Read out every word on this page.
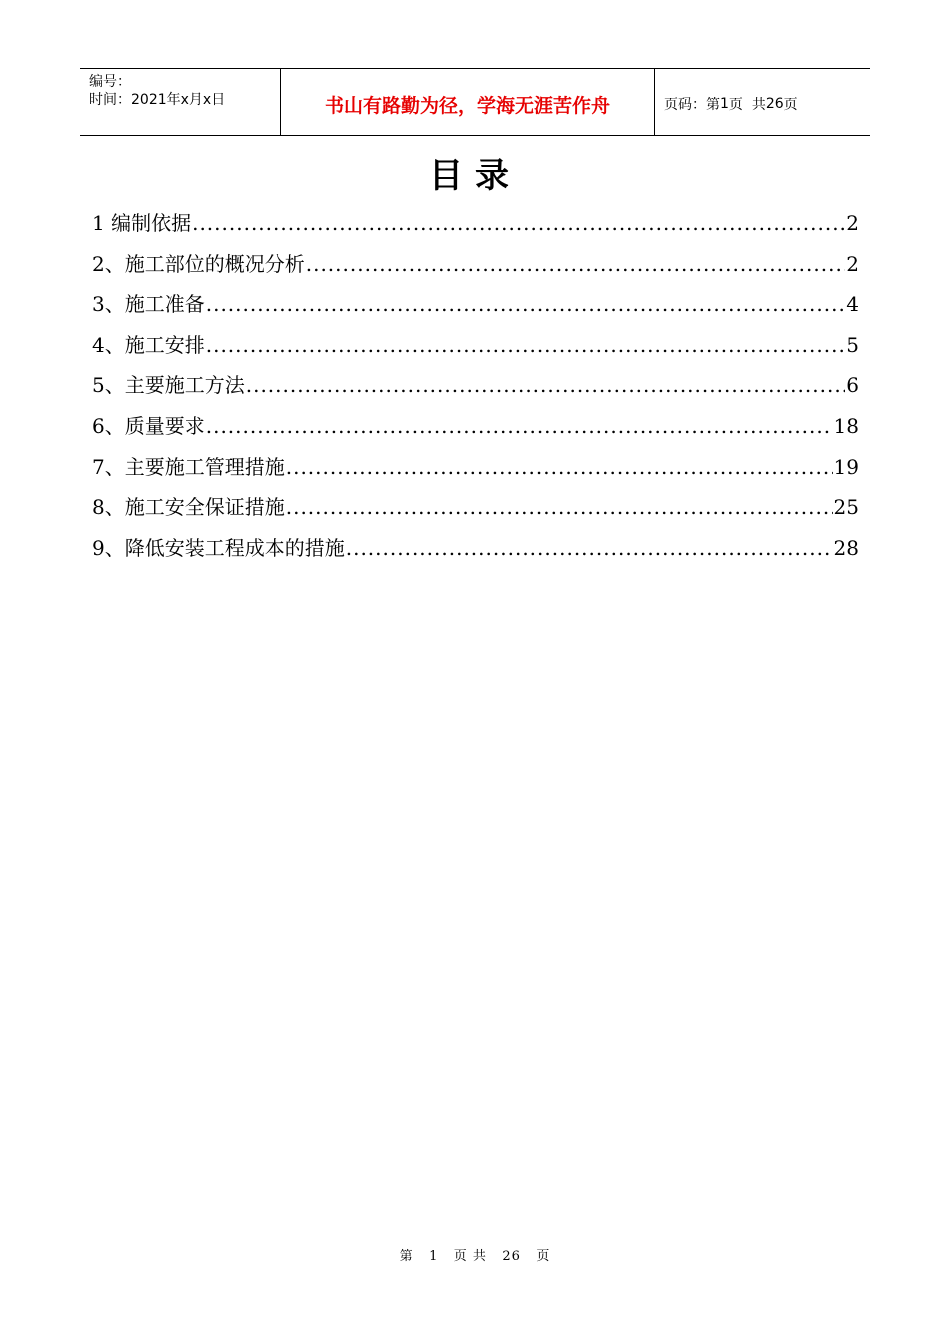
编号：
时间：2021年x月x日	书山有路勤为径，学海无涯苦作舟	页码：第 1 页  共 26 页
目录
1 编制依据 .....	2
2、施工部位的概况分析 .....	2
3、施工准备 .....	4
4、施工安排 .....	5
5、主要施工方法 .....	6
6、质量要求 .....	18
7、主要施工管理措施 .....	19
8、施工安全保证措施 .....	25
9、降低安装工程成本的措施 .....	28
第 1 页 共 26 页
